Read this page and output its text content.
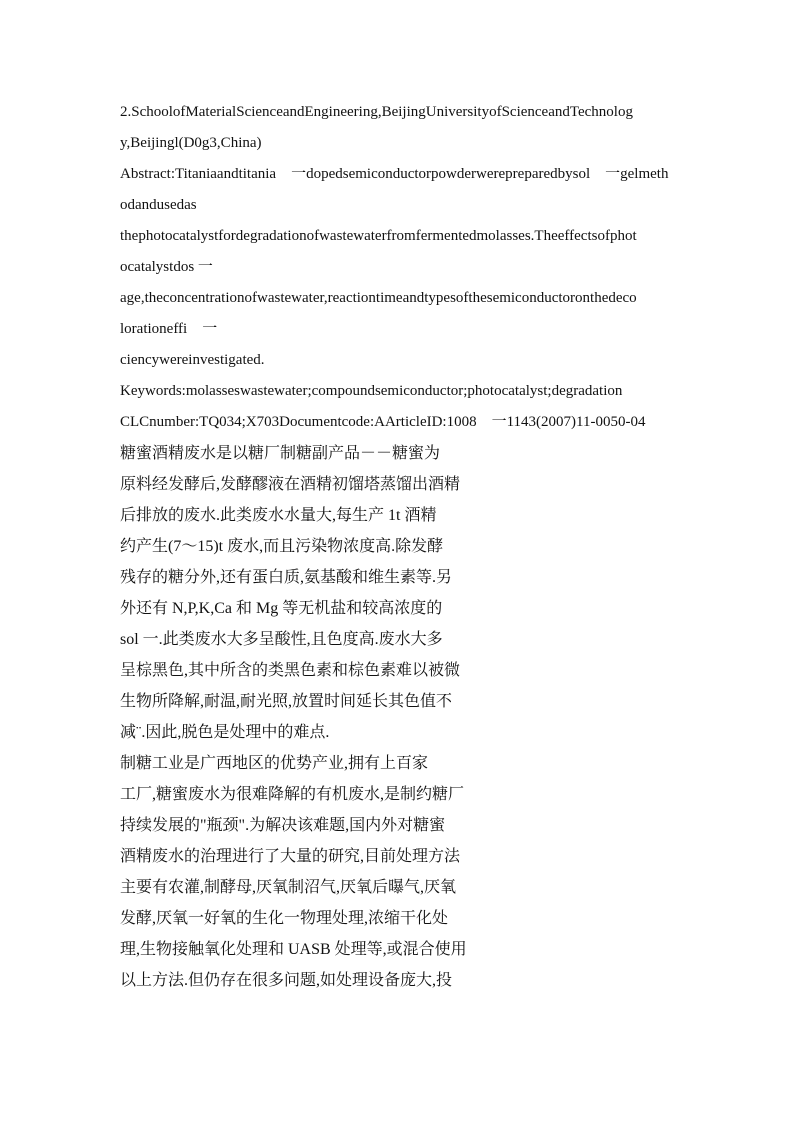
2.SchoolofMaterialScienceandEngineering,BeijingUniversityofScienceandTechnolog
y,Beijingl(D0g3,China)
Abstract:Titaniaandtitania　一dopedsemiconductorpowderwerepreparedbysol　一gelmeth
odandusedas
thephotocatalystfordegradationofwastewaterfromfermentedmolasses.Theeffectsofphot
ocatalystdos 一
age,theconcentrationofwastewater,reactiontimeandtypesofthesemiconductoronthedeco
lorationeffi　一
ciencywereinvestigated.
Keywords:molasseswastewater;compoundsemiconductor;photocatalyst;degradation
CLCnumber:TQ034;X703Documentcode:AArticleID:1008　一1143(2007)11-0050-04
糖蜜酒精废水是以糖厂制糖副产品－－糖蜜为
原料经发酵后,发酵醪液在酒精初馏塔蒸馏出酒精
后排放的废水.此类废水水量大,每生产 1t 酒精
约产生(7～15)t 废水,而且污染物浓度高.除发酵
残存的糖分外,还有蛋白质,氨基酸和维生素等.另
外还有 N,P,K,Ca 和 Mg 等无机盐和较高浓度的
sol 一.此类废水大多呈酸性,且色度高.废水大多
呈棕黑色,其中所含的类黑色素和棕色素难以被微
生物所降解,耐温,耐光照,放置时间延长其色值不
减¨.因此,脱色是处理中的难点.
制糖工业是广西地区的优势产业,拥有上百家
工厂,糖蜜废水为很难降解的有机废水,是制约糖厂
持续发展的"瓶颈".为解决该难题,国内外对糖蜜
酒精废水的治理进行了大量的研究,目前处理方法
主要有农灌,制酵母,厌氧制沼气,厌氧后曝气,厌氧
发酵,厌氧一好氧的生化一物理处理,浓缩干化处
理,生物接触氧化处理和 UASB 处理等,或混合使用
以上方法.但仍存在很多问题,如处理设备庞大,投
